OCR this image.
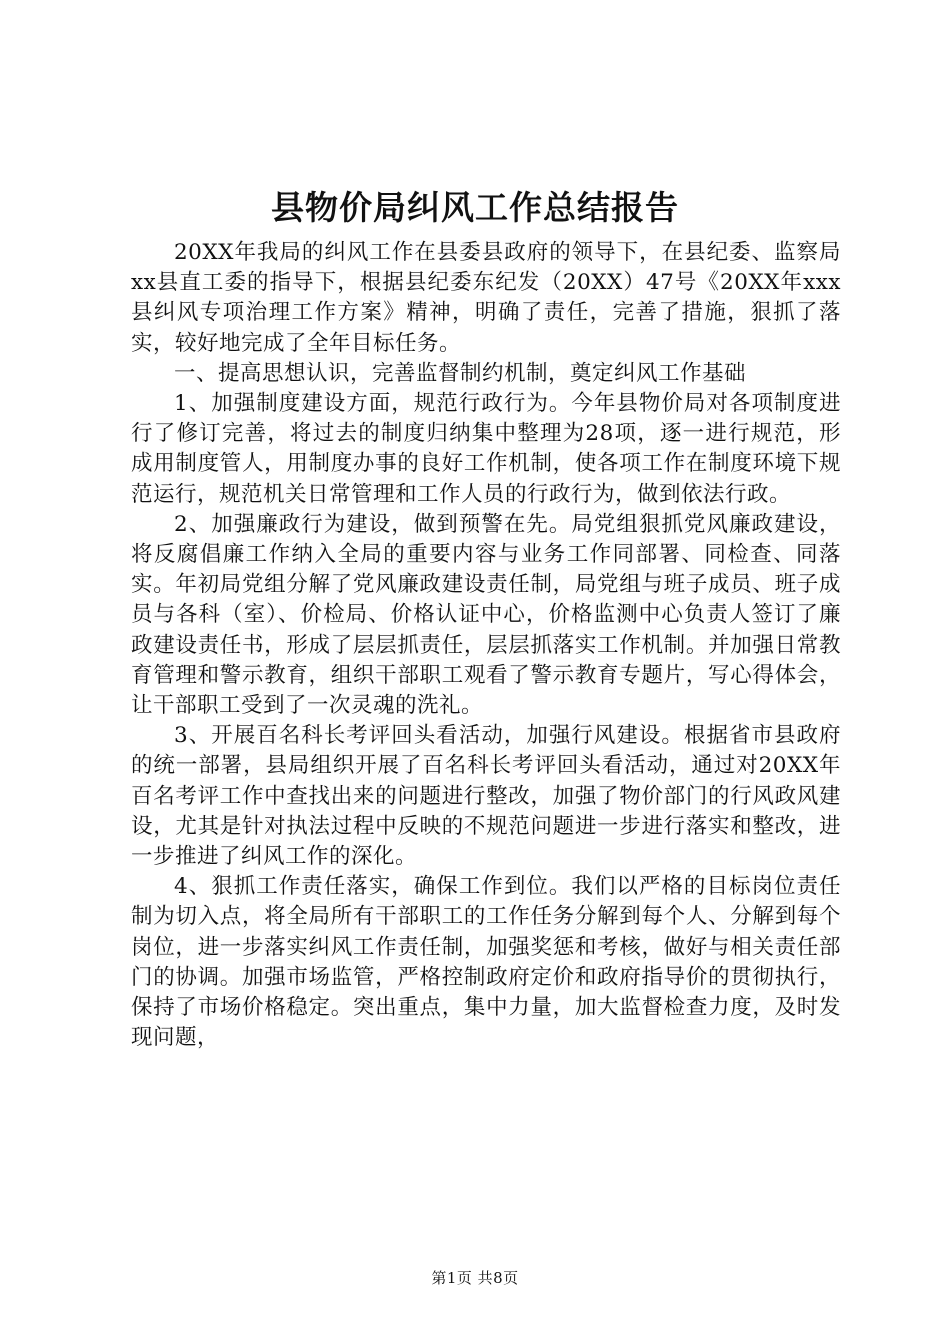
县物价局纠风工作总结报告

20XX年我局的纠风工作在县委县政府的领导下，在县纪委、监察局xx县直工委的指导下，根据县纪委东纪发（20XX）47号《20XX年xxx县纠风专项治理工作方案》精神，明确了责任，完善了措施，狠抓了落实，较好地完成了全年目标任务。

一、提高思想认识，完善监督制约机制，奠定纠风工作基础

1、加强制度建设方面，规范行政行为。今年县物价局对各项制度进行了修订完善，将过去的制度归纳集中整理为28项，逐一进行规范，形成用制度管人，用制度办事的良好工作机制，使各项工作在制度环境下规范运行，规范机关日常管理和工作人员的行政行为，做到依法行政。

2、加强廉政行为建设，做到预警在先。局党组狠抓党风廉政建设，将反腐倡廉工作纳入全局的重要内容与业务工作同部署、同检查、同落实。年初局党组分解了党风廉政建设责任制，局党组与班子成员、班子成员与各科（室）、价检局、价格认证中心，价格监测中心负责人签订了廉政建设责任书，形成了层层抓责任，层层抓落实工作机制。并加强日常教育管理和警示教育，组织干部职工观看了警示教育专题片，写心得体会，让干部职工受到了一次灵魂的洗礼。

3、开展百名科长考评回头看活动，加强行风建设。根据省市县政府的统一部署，县局组织开展了百名科长考评回头看活动，通过对20XX年百名考评工作中查找出来的问题进行整改，加强了物价部门的行风政风建设，尤其是针对执法过程中反映的不规范问题进一步进行落实和整改，进一步推进了纠风工作的深化。

4、狠抓工作责任落实，确保工作到位。我们以严格的目标岗位责任制为切入点，将全局所有干部职工的工作任务分解到每个人、分解到每个岗位，进一步落实纠风工作责任制，加强奖惩和考核，做好与相关责任部门的协调。加强市场监管，严格控制政府定价和政府指导价的贯彻执行，保持了市场价格稳定。突出重点，集中力量，加大监督检查力度，及时发现问题，

第1页 共8页
